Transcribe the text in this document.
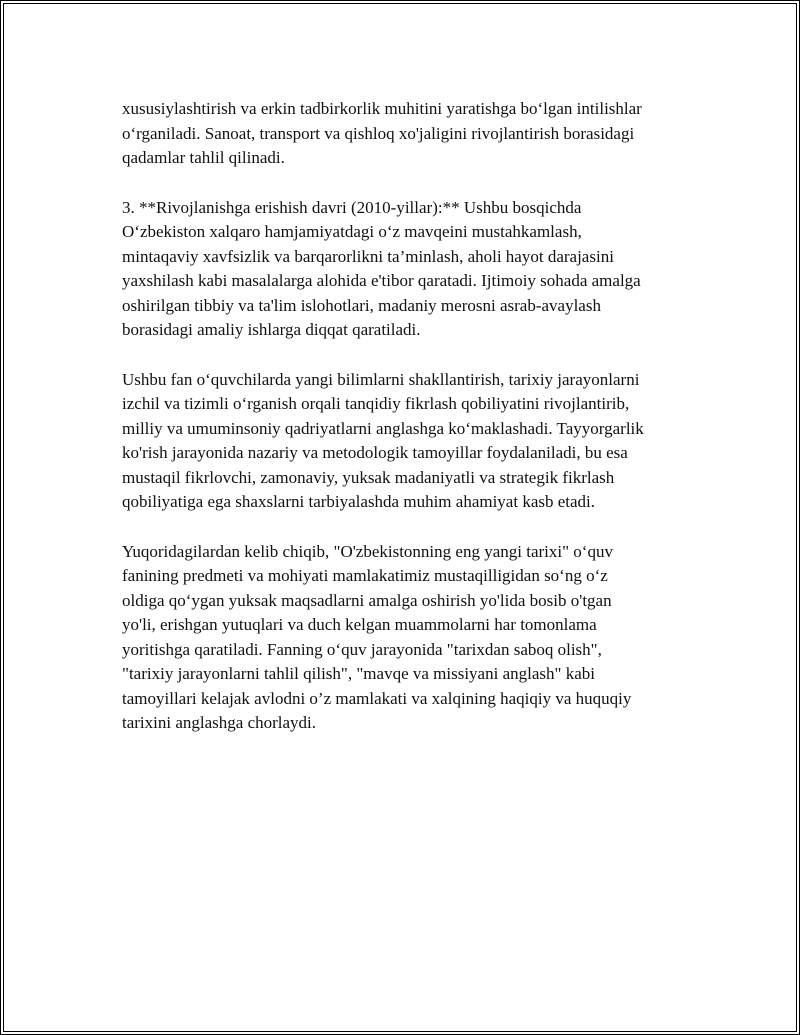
xususiylashtirish va erkin tadbirkorlik muhitini yaratishga bo‘lgan intilishlar
o‘rganiladi. Sanoat, transport va qishloq xo'jaligini rivojlantirish borasidagi
qadamlar tahlil qilinadi.

3. **Rivojlanishga erishish davri (2010-yillar):** Ushbu bosqichda
O‘zbekiston xalqaro hamjamiyatdagi o‘z mavqeini mustahkamlash,
mintaqaviy xavfsizlik va barqarorlikni ta’minlash, aholi hayot darajasini
yaxshilash kabi masalalarga alohida e'tibor qaratadi. Ijtimoiy sohada amalga
oshirilgan tibbiy va ta'lim islohotlari, madaniy merosni asrab-avaylash
borasidagi amaliy ishlarga diqqat qaratiladi.

Ushbu fan o‘quvchilarda yangi bilimlarni shakllantirish, tarixiy jarayonlarni
izchil va tizimli o‘rganish orqali tanqidiy fikrlash qobiliyatini rivojlantirib,
milliy va umuminsoniy qadriyatlarni anglashga ko‘maklashadi. Tayyorgarlik
ko'rish jarayonida nazariy va metodologik tamoyillar foydalaniladi, bu esa
mustaqil fikrlovchi, zamonaviy, yuksak madaniyatli va strategik fikrlash
qobiliyatiga ega shaxslarni tarbiyalashda muhim ahamiyat kasb etadi.

Yuqoridagilardan kelib chiqib, "O'zbekistonning eng yangi tarixi" o‘quv
fanining predmeti va mohiyati mamlakatimiz mustaqilligidan so‘ng o‘z
oldiga qo‘ygan yuksak maqsadlarni amalga oshirish yo'lida bosib o'tgan
yo'li, erishgan yutuqlari va duch kelgan muammolarni har tomonlama
yoritishga qaratiladi. Fanning o‘quv jarayonida "tarixdan saboq olish",
"tarixiy jarayonlarni tahlil qilish", "mavqe va missiyani anglash" kabi
tamoyillari kelajak avlodni o’z mamlakati va xalqining haqiqiy va huquqiy
tarixini anglashga chorlaydi.
